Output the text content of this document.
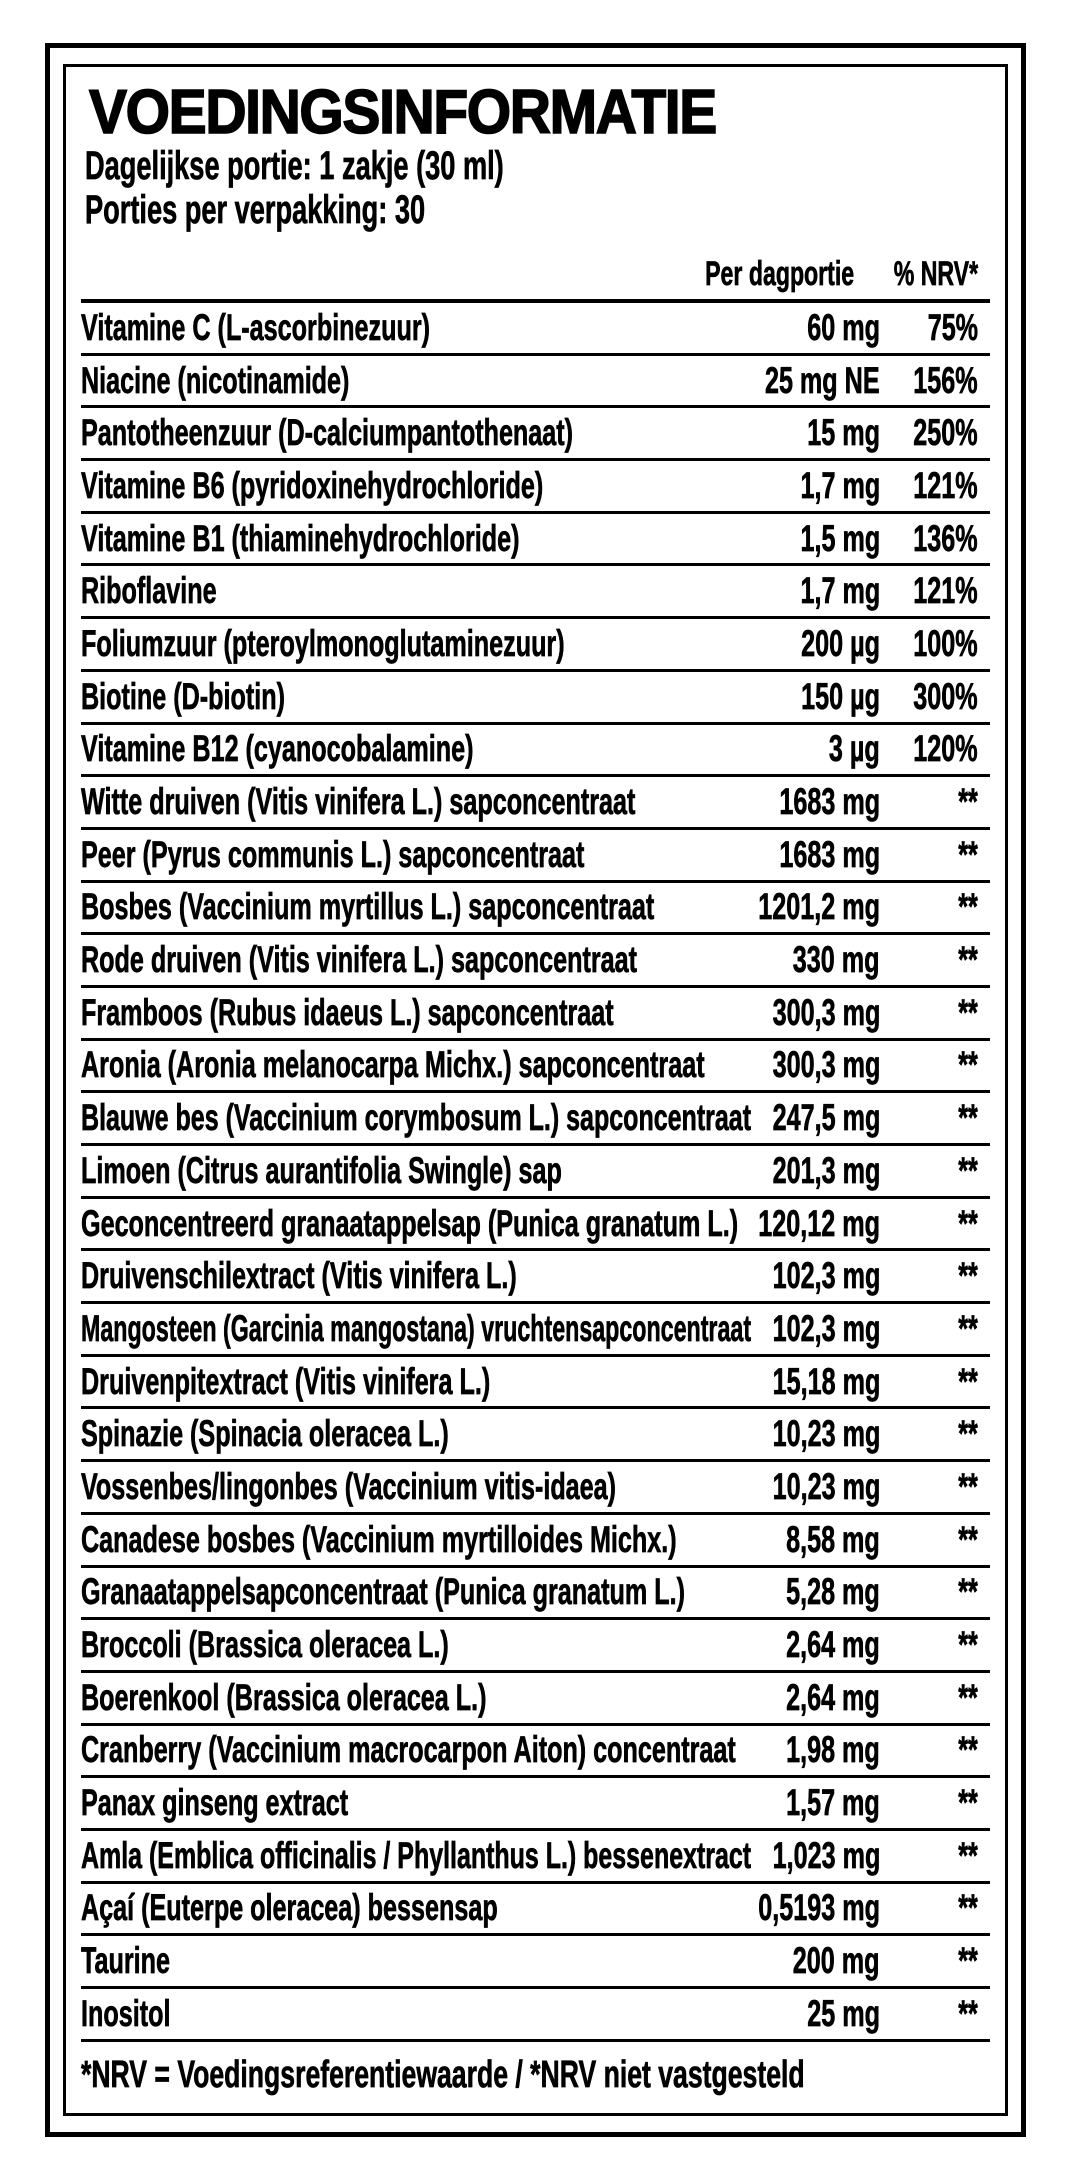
VOEDINGSINFORMATIE
Dagelijkse portie: 1 zakje (30 ml)
Porties per verpakking: 30
Per dagportie	% NRV*
Vitamine C (L-ascorbinezuur)	60 mg	75%
Niacine (nicotinamide)	25 mg NE 156%
Pantotheenzuur (D-calciumpantothenaat)	15 mg 250%
Vitamine B6 (pyridoxinehydrochloride)	1,7 mg 121%
Vitamine B1 (thiaminehydrochloride)	1,5 mg 136%
Riboflavine	1,7 mg 121%
Foliumzuur (pteroylmonoglutaminezuur)	200 µg 100%
Biotine (D-biotin)	150 µg 300%
Vitamine B12 (cyanocobalamine)	3 µg 120%
Witte druiven (Vitis vinifera L.) sapconcentraat	1683 mg	**
Peer (Pyrus communis L.) sapconcentraat	1683 mg	**
Bosbes (Vaccinium myrtillus L.) sapconcentraat	1201,2 mg	**
Rode druiven (Vitis vinifera L.) sapconcentraat	330 mg	**
Framboos (Rubus idaeus L.) sapconcentraat	300,3 mg	**
Aronia (Aronia melanocarpa Michx.) sapconcentraat	300,3 mg	**
Blauwe bes (Vaccinium corymbosum L.) sapconcentraat 247,5 mg	**
Limoen (Citrus aurantifolia Swingle) sap	201,3 mg	**
Geconcentreerd granaatappelsap (Punica granatum L.) 120,12 mg	**
Druivenschilextract (Vitis vinifera L.)	102,3 mg	**
Mangosteen (Garcinia mangostana) vruchtensapconcentraat 102,3 mg	**
Druivenpitextract (Vitis vinifera L.)	15,18 mg	**
Spinazie (Spinacia oleracea L.)	10,23 mg	**
Vossenbes/lingonbes (Vaccinium vitis-idaea)	10,23 mg	**
Canadese bosbes (Vaccinium myrtilloides Michx.)	8,58 mg	**
Granaatappelsapconcentraat (Punica granatum L.)	5,28 mg	**
Broccoli (Brassica oleracea L.)	2,64 mg	**
Boerenkool (Brassica oleracea L.)	2,64 mg	**
Cranberry (Vaccinium macrocarpon Aiton) concentraat	1,98 mg	**
Panax ginseng extract	1,57 mg	**
Amla (Emblica officinalis / Phyllanthus L.) bessenextract 1,023 mg	**
Açaí (Euterpe oleracea) bessensap	0,5193 mg	**
Taurine	200 mg	**
Inositol	25 mg	**
*NRV = Voedingsreferentiewaarde / *NRV niet vastgesteld
